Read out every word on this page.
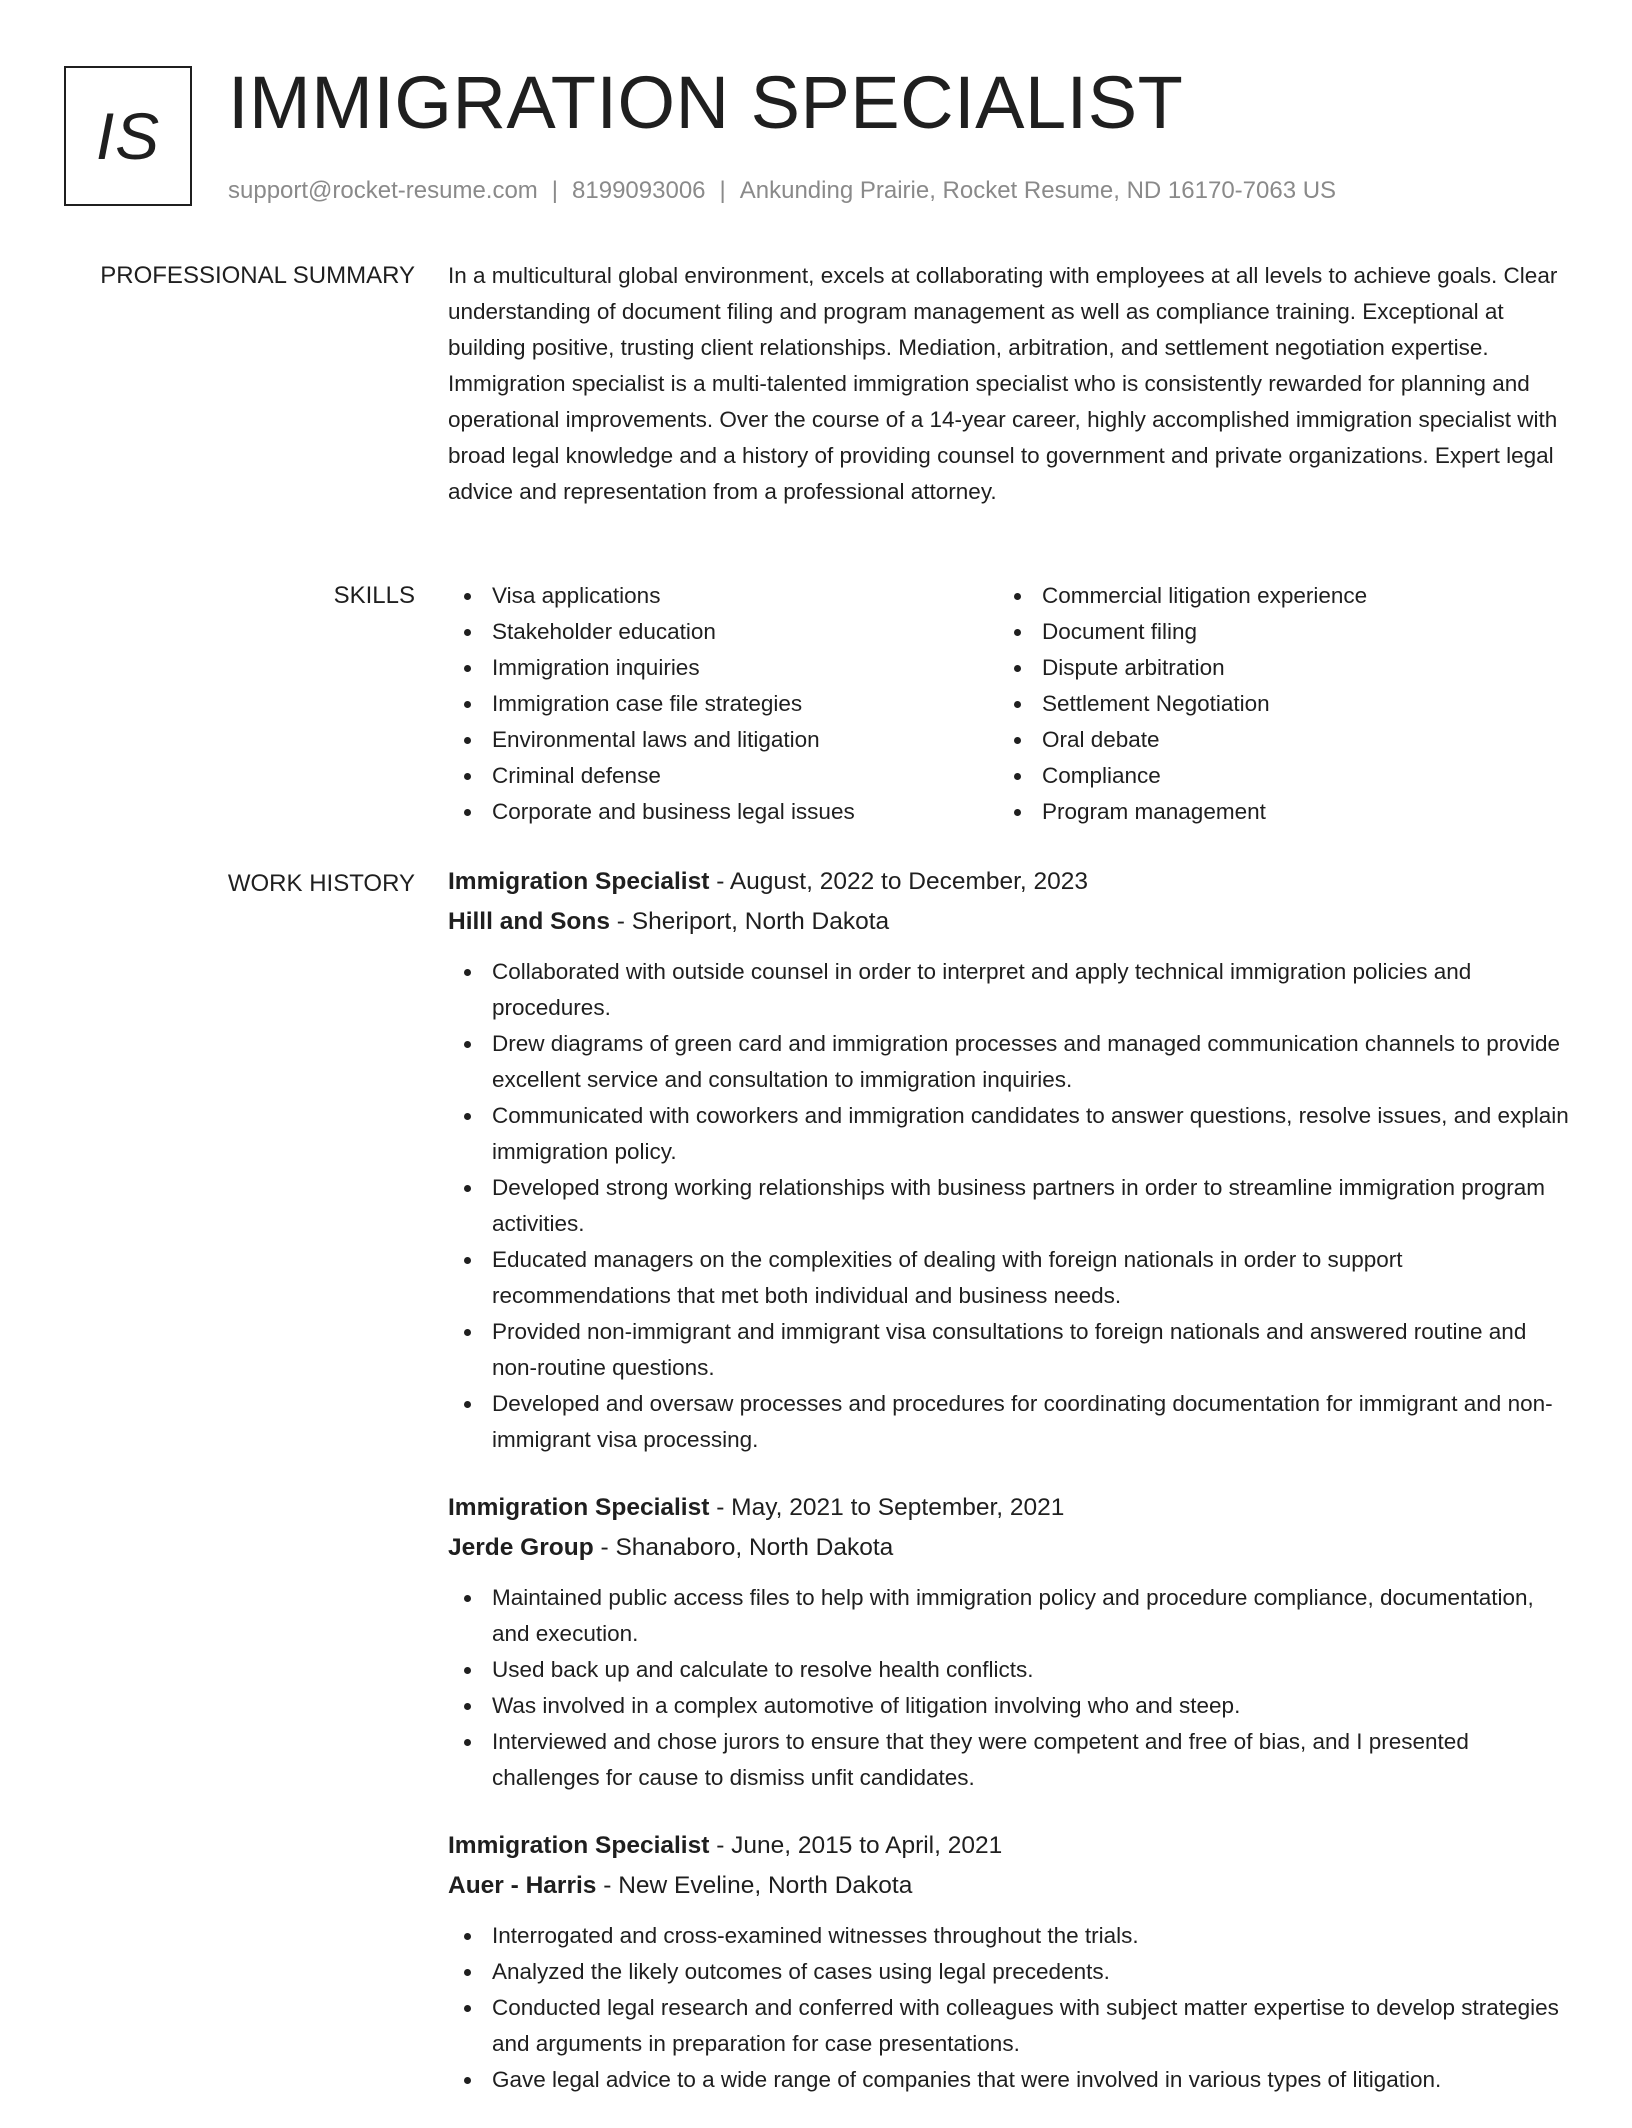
IS IMMIGRATION SPECIALIST
support@rocket-resume.com | 8199093006 | Ankunding Prairie, Rocket Resume, ND 16170-7063 US
PROFESSIONAL SUMMARY In a multicultural global environment, excels at collaborating with employees at all levels to achieve goals. Clear understanding of document filing and program management as well as compliance training. Exceptional at building positive, trusting client relationships. Mediation, arbitration, and settlement negotiation expertise. Immigration specialist is a multi-talented immigration specialist who is consistently rewarded for planning and operational improvements. Over the course of a 14-year career, highly accomplished immigration specialist with broad legal knowledge and a history of providing counsel to government and private organizations. Expert legal advice and representation from a professional attorney.

SKILLS	Visa applications
Stakeholder education
Immigration inquiries
Immigration case file strategies
Environmental laws and litigation
Criminal defense
Corporate and business legal issues
Commercial litigation experience
Document filing
Dispute arbitration
Settlement Negotiation
Oral debate
Compliance
Program management
WORK HISTORY Immigration Specialist - August, 2022 to December, 2023
Hilll and Sons - Sheriport, North Dakota
Collaborated with outside counsel in order to interpret and apply technical immigration policies and procedures.
Drew diagrams of green card and immigration processes and managed communication channels to provide excellent service and consultation to immigration inquiries.
Communicated with coworkers and immigration candidates to answer questions, resolve issues, and explain immigration policy.
Developed strong working relationships with business partners in order to streamline immigration program activities.
Educated managers on the complexities of dealing with foreign nationals in order to support recommendations that met both individual and business needs.
Provided non-immigrant and immigrant visa consultations to foreign nationals and answered routine and non-routine questions.
Developed and oversaw processes and procedures for coordinating documentation for immigrant and non-immigrant visa processing.
Immigration Specialist - May, 2021 to September, 2021
Jerde Group - Shanaboro, North Dakota
Maintained public access files to help with immigration policy and procedure compliance, documentation, and execution.
Used back up and calculate to resolve health conflicts.
Was involved in a complex automotive of litigation involving who and steep.
Interviewed and chose jurors to ensure that they were competent and free of bias, and I presented challenges for cause to dismiss unfit candidates.
Immigration Specialist - June, 2015 to April, 2021
Auer - Harris - New Eveline, North Dakota
Interrogated and cross-examined witnesses throughout the trials.
Analyzed the likely outcomes of cases using legal precedents.
Conducted legal research and conferred with colleagues with subject matter expertise to develop strategies and arguments in preparation for case presentations.
Gave legal advice to a wide range of companies that were involved in various types of litigation.
